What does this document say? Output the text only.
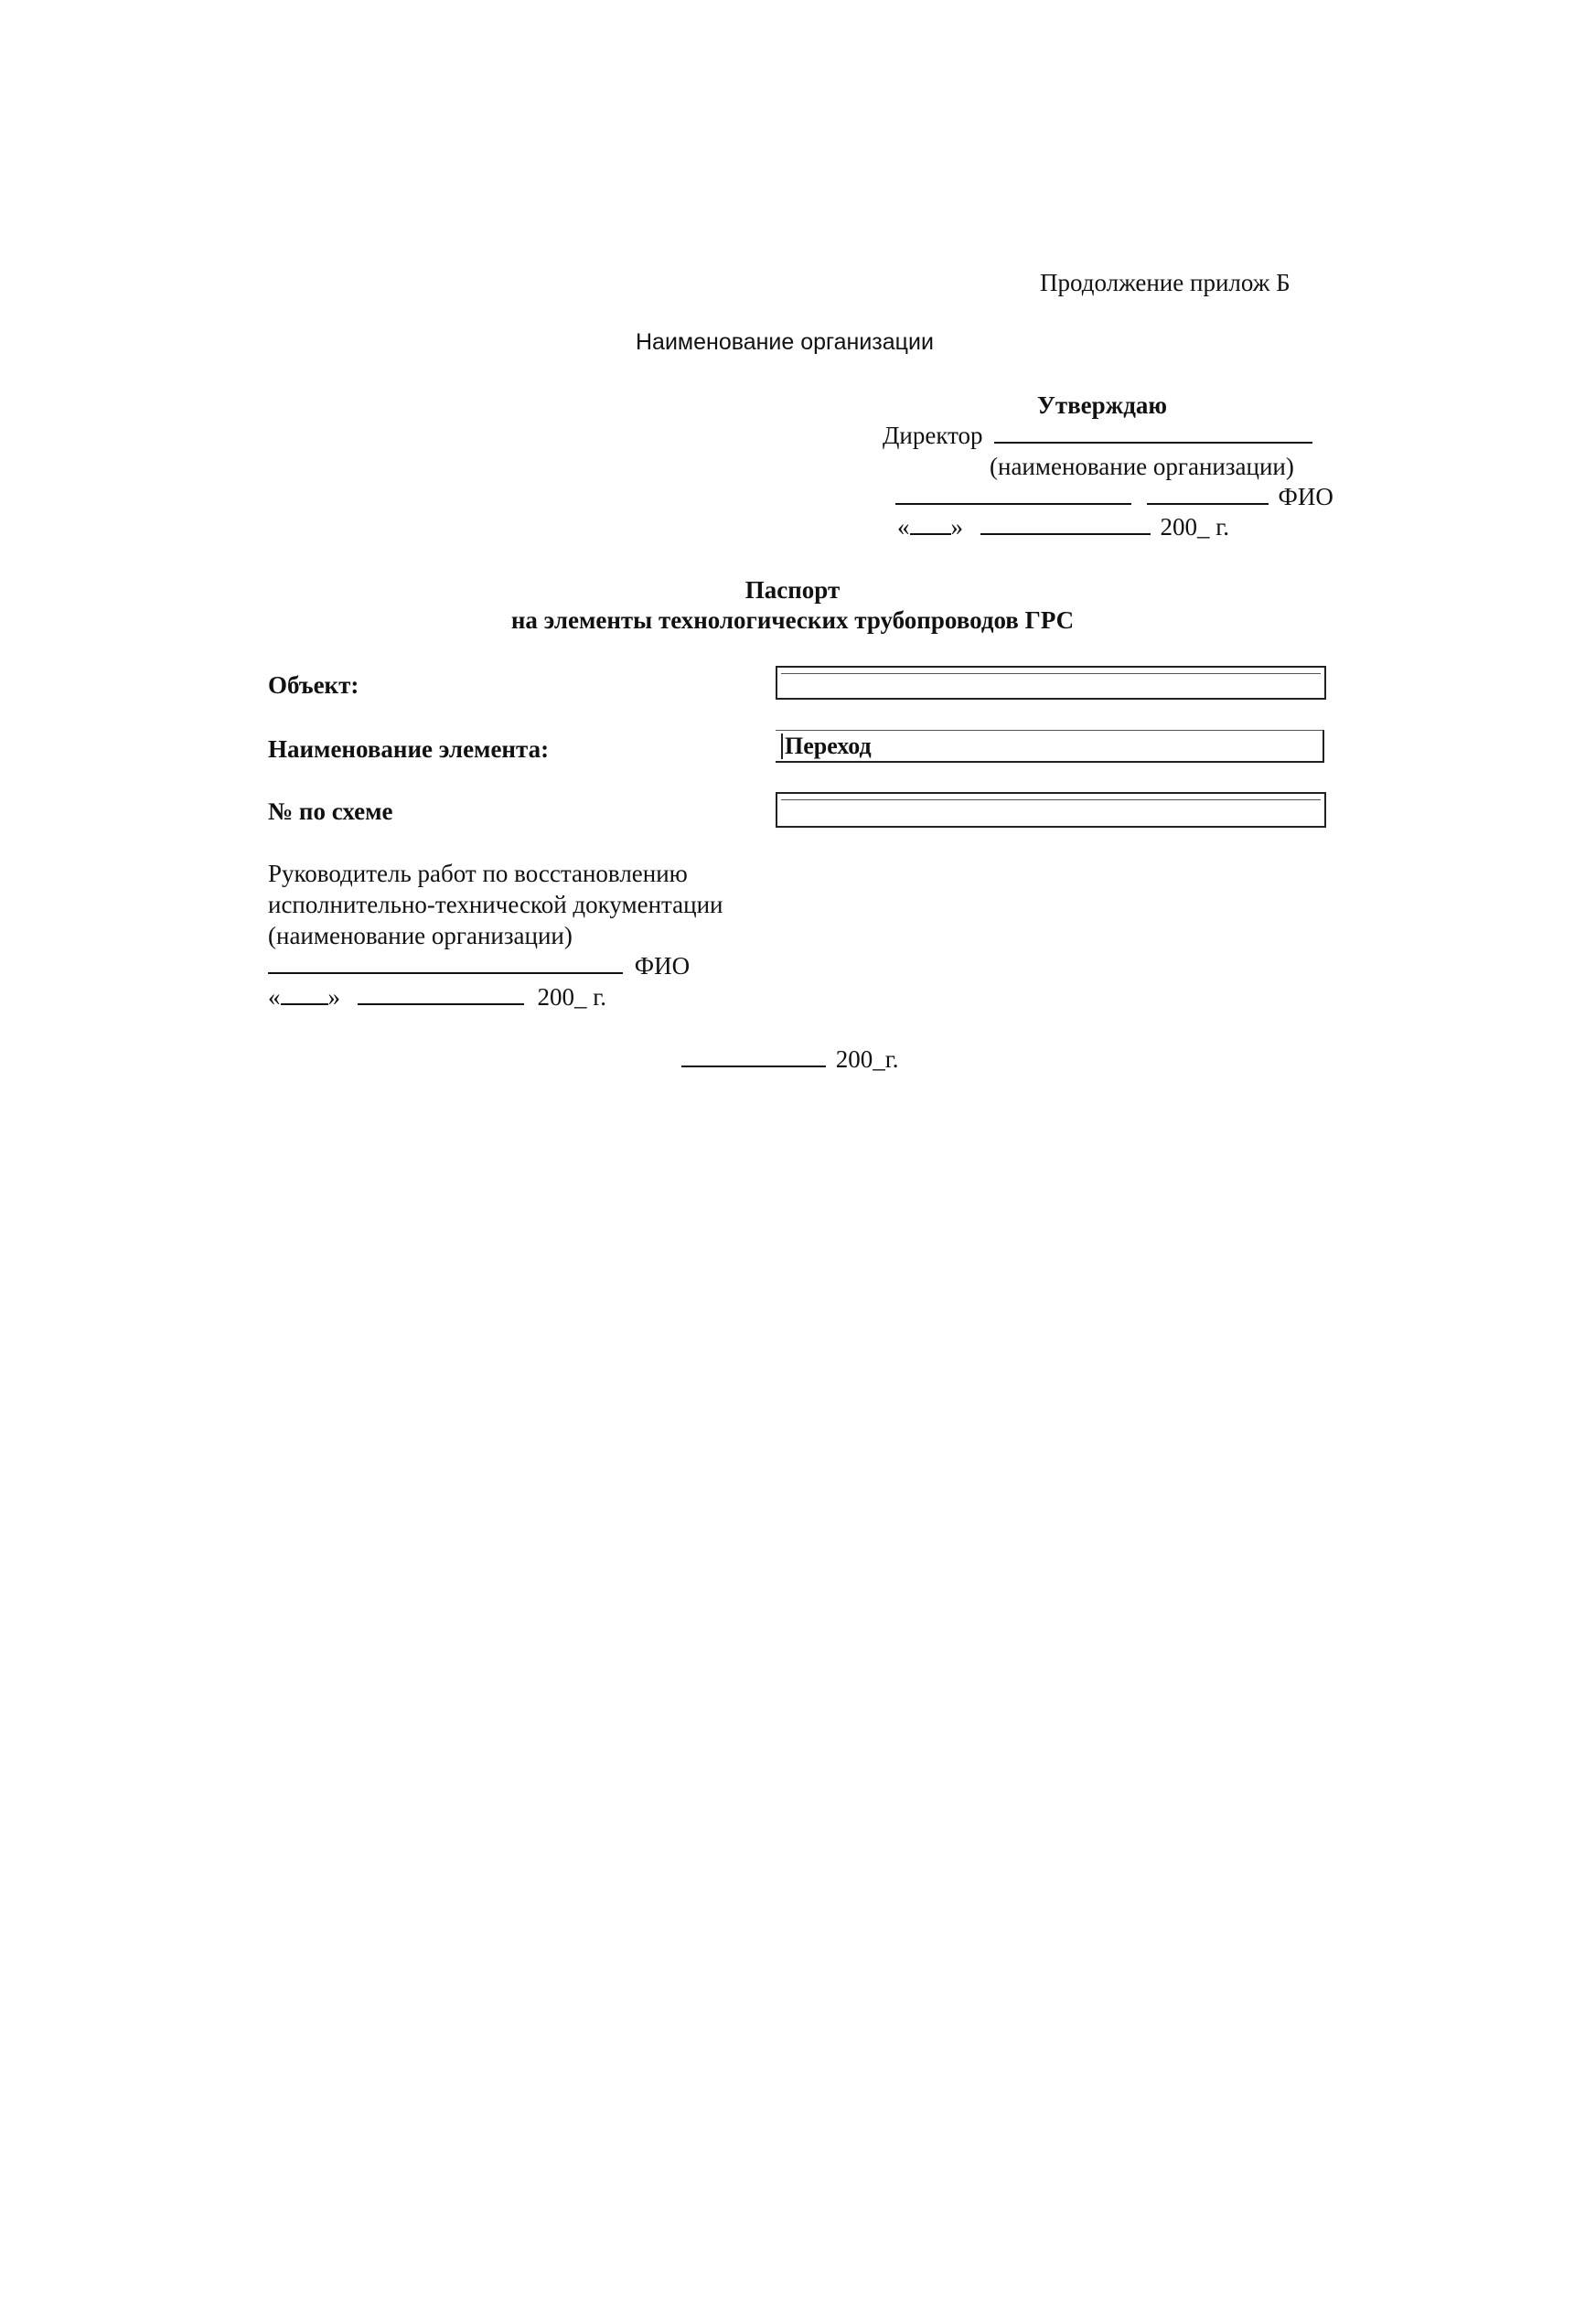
Продолжение прилож Б
Наименование организации
Утверждаю
Директор
(наименование организации)
ФИО
« »	200_ г.
Паспорт
на элементы технологических трубопроводов ГРС
Объект:
Наименование элемента:	Переход
№ по схеме
Руководитель работ по восстановлению
исполнительно-технической документации
(наименование организации)
ФИО
« »	200_ г.
200_г.
